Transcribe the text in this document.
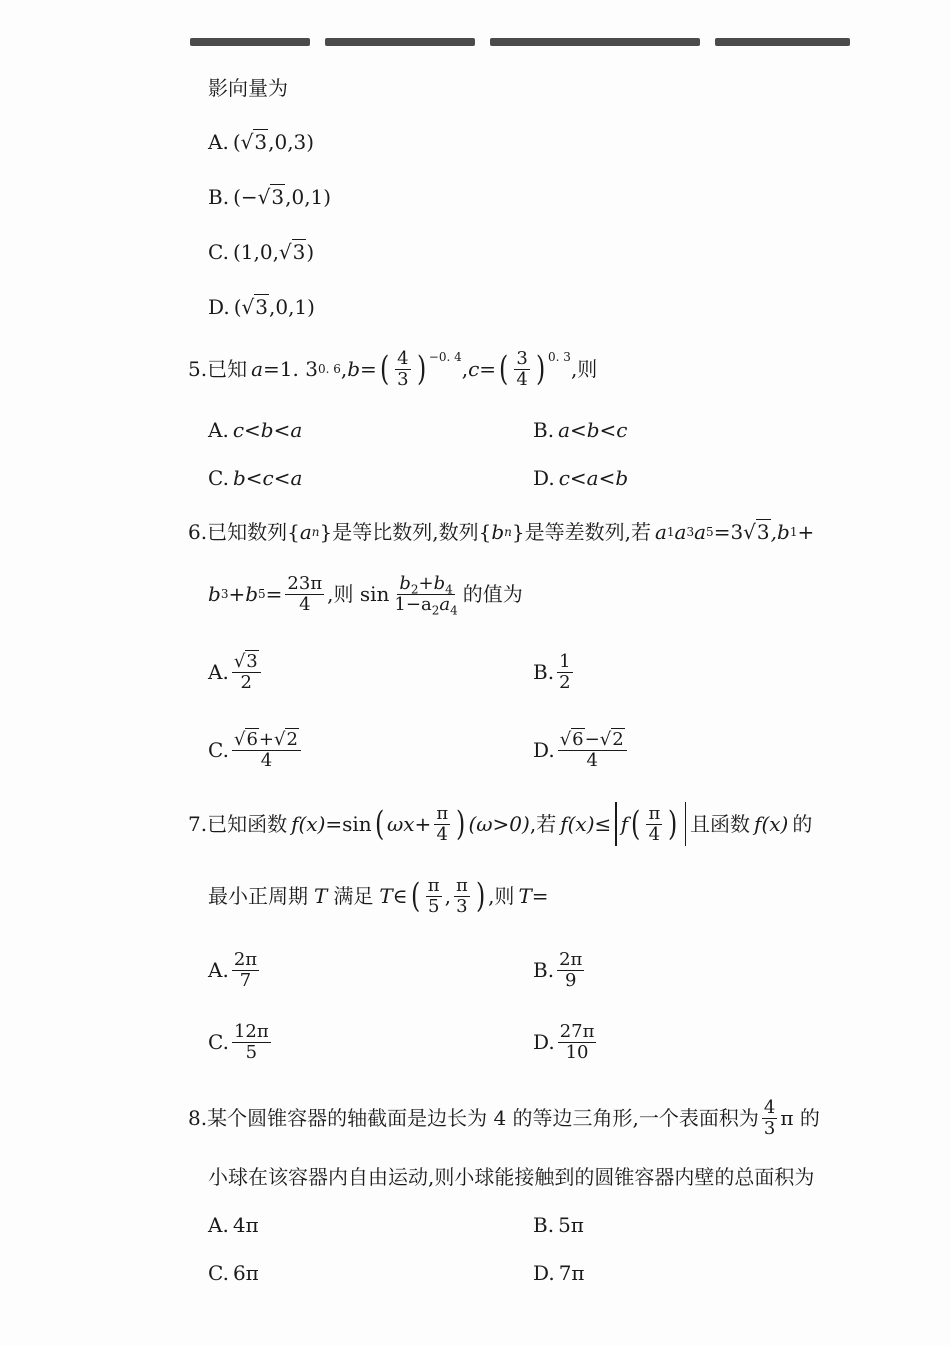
影向量为
A. ( √3 ,0,3)
B. (− √3 ,0,1)
C. (1,0, √3 )
D. ( √3 ,0,1)
5. 已知 a =1. 3 0. 6 , b = ( $\frac{4}{3} )^{-0. 4}$ , c = ( $\frac{3}{4} )^{0. 3}$ ,则
A. c<b<a	B. a<b<c
C. b<c<a	D. c<a<b
6. 已知数列{ a n }是等比数列,数列{ b n }是等差数列,若 a 1 a 3 a 5 =3 √3 ,b 1 +
b 3 +b $5 = \frac{23\pi}{4}$ ,则 $\sin \frac{b_2+b_4}{1-a_2a_4}$ 的值为
A. $\frac{√3}{2}$	B. $\frac{1}{2}$
C. $\frac{√6+√2}{4}$	D. $\frac{√6-√2}{4}$
7. 已知函数 f(x) =sin ( $\omega x+ \frac{\pi}{4}$ ) (ω>0) ,若 f(x) ≤ f ( $\frac{\pi}{4}$ ) 且函数 f(x) 的
最小正周期 T 满足 T ∈ ( $\frac{\pi}{5}$ , $\frac{\pi}{3}$ ) ,则 T =
A. $\frac{2\pi}{7}$	B. $\frac{2\pi}{9}$
C. $\frac{12\pi}{5}$	D. $\frac{27\pi}{10}$
8. 某个圆锥容器的轴截面是边长为 4 的等边三角形,一个表面积为 $\frac{4}{3}$ π 的
小球在该容器内自由运动,则小球能接触到的圆锥容器内壁的总面积为
A. 4π	B. 5π
C. 6π	D. 7π
